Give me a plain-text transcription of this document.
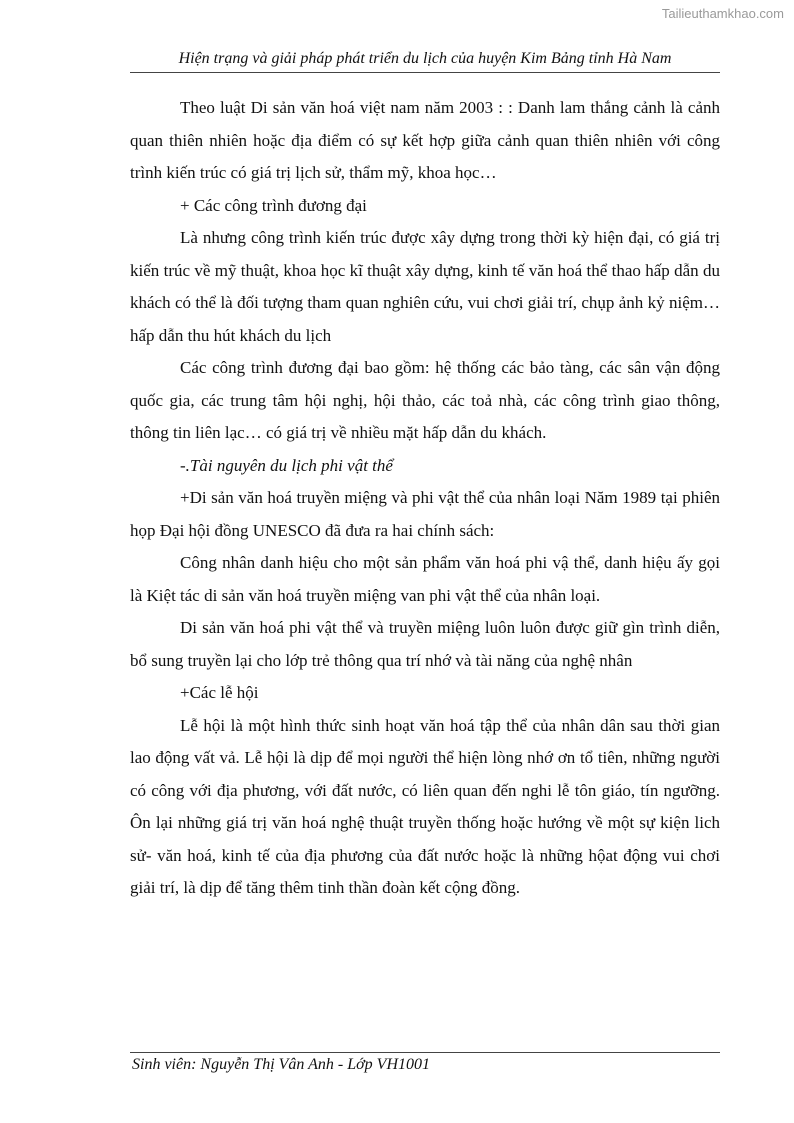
Tailieuthamkhao.com
Hiện trạng và giải pháp phát triển du lịch của huyện Kim Bảng tỉnh Hà Nam

Theo luật Di sản văn hoá việt nam năm 2003 : : Danh lam thắng cảnh là cảnh quan thiên nhiên hoặc địa điểm có sự kết hợp giữa cảnh quan thiên nhiên với công trình kiến trúc có giá trị lịch sử, thẩm mỹ, khoa học…

+ Các công trình đương đại

Là nhưng công trình kiến trúc được xây dựng trong thời kỳ hiện đại, có giá trị kiến trúc về mỹ thuật, khoa học kĩ thuật xây dựng, kinh tế văn hoá thể thao hấp dẫn du khách có thể là đối tượng tham quan nghiên cứu, vui chơi giải trí, chụp ảnh kỷ niệm… hấp dẫn thu hút khách du lịch

Các công trình đương đại bao gồm: hệ thống các bảo tàng, các sân vận động quốc gia, các trung tâm hội nghị, hội thảo, các toả nhà, các công trình giao thông, thông tin liên lạc… có giá trị về nhiều mặt hấp dẫn du khách.

-.Tài nguyên du lịch phi vật thể

+Di sản văn hoá truyền miệng và phi vật thể của nhân loại Năm 1989 tại phiên họp Đại hội đồng UNESCO đã đưa ra hai chính sách:

Công nhân danh hiệu cho một sản phẩm văn hoá phi vậ thể, danh hiệu ấy gọi là Kiệt tác di sản văn hoá truyền miệng van phi vật thể của nhân loại.

Di sản văn hoá phi vật thể và truyền miệng luôn luôn được giữ gìn trình diễn, bổ sung truyền lại cho lớp trẻ thông qua trí nhớ và tài năng của nghệ nhân

+Các lễ hội

Lễ hội là một hình thức sinh hoạt văn hoá tập thể của nhân dân sau thời gian lao động vất vả. Lễ hội là dịp để mọi người thể hiện lòng nhớ ơn tổ tiên, những người có công với địa phương, với đất nước, có liên quan đến nghi lễ tôn giáo, tín ngưỡng. Ôn lại những giá trị văn hoá nghệ thuật truyền thống hoặc hướng về một sự kiện lich sử- văn hoá, kinh tế của địa phương của đất nước hoặc là những hộat động vui chơi giải trí, là dịp để tăng thêm tinh thần đoàn kết cộng đồng.

Sinh viên: Nguyễn Thị Vân Anh - Lớp VH1001
